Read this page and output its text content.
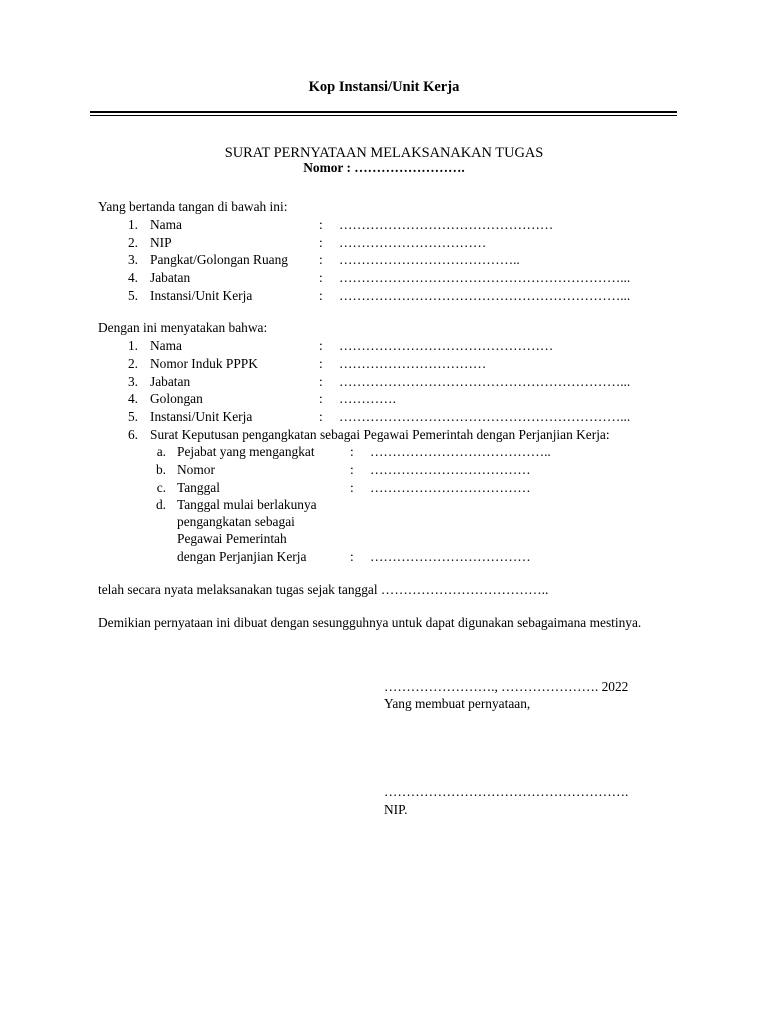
Kop Instansi/Unit Kerja
SURAT PERNYATAAN MELAKSANAKAN TUGAS
Nomor : …………………….
Yang bertanda tangan di bawah ini:
1. Nama	: …………………………………………
2. NIP	: ……………………………
3. Pangkat/Golongan Ruang : …………………………………..
4. Jabatan	: ………………………………………………………...
5. Instansi/Unit Kerja	: ………………………………………………………...
Dengan ini menyatakan bahwa:
1. Nama	: …………………………………………
2. Nomor Induk PPPK	: ……………………………
3. Jabatan	: ………………………………………………………...
4. Golongan	: ………….
5. Instansi/Unit Kerja	: ………………………………………………………...
6. Surat Keputusan pengangkatan sebagai Pegawai Pemerintah dengan Perjanjian Kerja:
a. Pejabat yang mengangkat	: …………………………………..
b. Nomor	: ………………………………
c. Tanggal	: ………………………………
d. Tanggal mulai berlakunya
pengangkatan sebagai
Pegawai Pemerintah
dengan Perjanjian Kerja	: ………………………………
telah secara nyata melaksanakan tugas sejak tanggal ………………………………..
Demikian pernyataan ini dibuat dengan sesungguhnya untuk dapat digunakan sebagaimana mestinya.
……………………., …………………. 2022
Yang membuat pernyataan,
……………………………………………….
NIP.
